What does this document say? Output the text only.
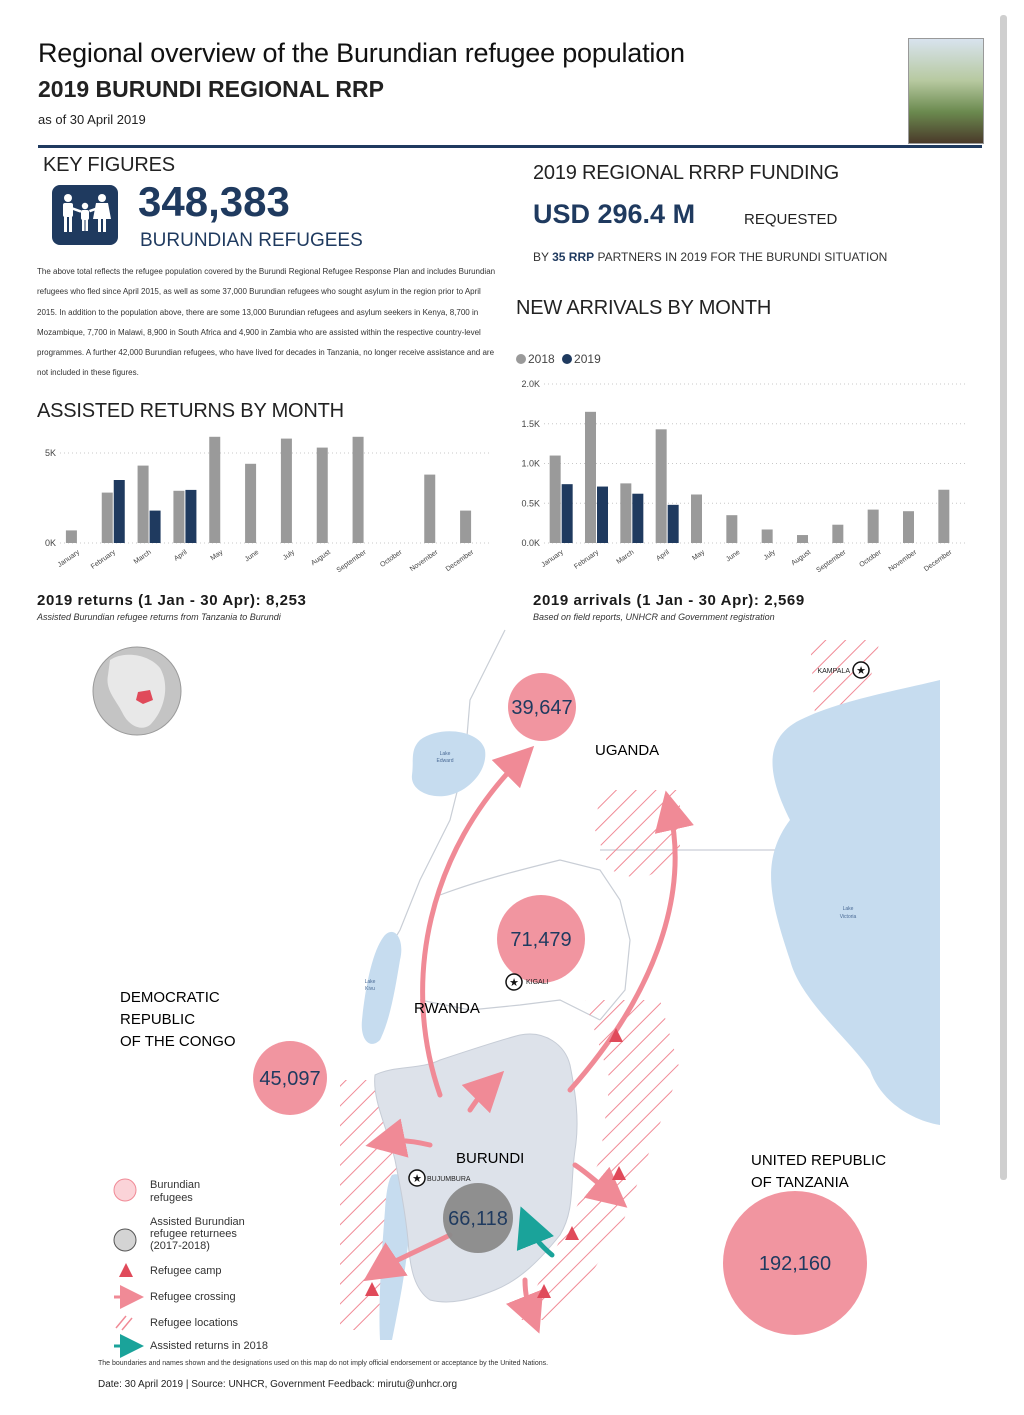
Regional overview of the Burundian refugee population
2019 BURUNDI REGIONAL RRP
as of 30 April 2019
KEY FIGURES
348,383
BURUNDIAN REFUGEES
The above total reflects the refugee population covered by the Burundi Regional Refugee Response Plan and includes Burundian refugees who fled since April 2015, as well as some 37,000 Burundian refugees who sought asylum in the region prior to April 2015. In addition to the population above, there are some 13,000 Burundian refugees and asylum seekers in Kenya, 8,700 in Mozambique, 7,700 in Malawi, 8,900 in South Africa and 4,900 in Zambia who are assisted within the respective country-level programmes. A further 42,000 Burundian refugees, who have lived for decades in Tanzania, no longer receive assistance and are not included in these figures.
2019 REGIONAL RRRP FUNDING
USD 296.4 M	REQUESTED
BY 35 RRP PARTNERS IN 2019 FOR THE BURUNDI SITUATION
ASSISTED RETURNS BY MONTH
0K
5K
January February March	April	May	June	July August September October November December
2019 returns (1 Jan - 30 Apr): 8,253
Assisted Burundian refugee returns from Tanzania to Burundi
NEW ARRIVALS BY MONTH
2018 2019
0.0K
0.5K
1.0K
1.5K
2.0K
January February March	April	May	June	July August September October November December
2019 arrivals (1 Jan - 30 Apr): 2,569
Based on field reports, UNHCR and Government registration
39,647
71,479
45,097
192,160
66,118
UGANDA
RWANDA
BURUNDI
DEMOCRATIC
REPUBLIC
OF THE CONGO
UNITED REPUBLIC
OF TANZANIA
Lake
Edward
Lake
Kivu
Lake
Victoria
★
KAMPALA
★ KIGALI
★ BUJUMBURA
Burundian
refugees
Assisted Burundian
refugee returnees
(2017-2018)
Refugee camp
Refugee crossing
Refugee locations
Assisted returns in 2018
The boundaries and names shown and the designations used on this map do not imply official endorsement or acceptance by the United Nations.
Date: 30 April 2019 | Source: UNHCR, Government Feedback: mirutu@unhcr.org
